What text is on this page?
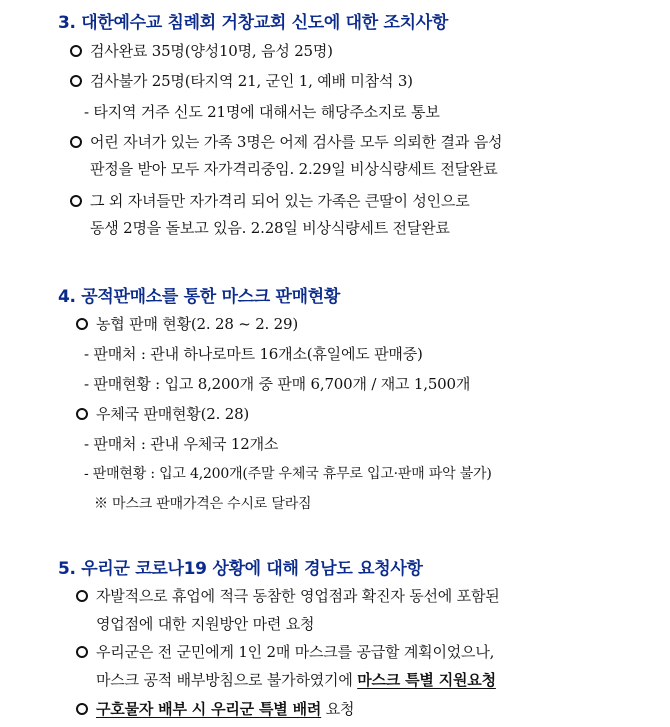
3. 대한예수교 침례회 거창교회 신도에 대한 조치사항
검사완료 35명(양성10명, 음성 25명)
검사불가 25명(타지역 21, 군인 1, 예배 미참석 3)
- 타지역 거주 신도 21명에 대해서는 해당주소지로 통보
어린 자녀가 있는 가족 3명은 어제 검사를 모두 의뢰한 결과 음성
판정을 받아 모두 자가격리중임. 2.29일 비상식량세트 전달완료
그 외 자녀들만 자가격리 되어 있는 가족은 큰딸이 성인으로
동생 2명을 돌보고 있음. 2.28일 비상식량세트 전달완료
4. 공적판매소를 통한 마스크 판매현황
농협 판매 현황(2. 28 ~ 2. 29)
- 판매처 : 관내 하나로마트 16개소(휴일에도 판매중)
- 판매현황 : 입고 8,200개 중 판매 6,700개 / 재고 1,500개
우체국 판매현황(2. 28)
- 판매처 : 관내 우체국 12개소
- 판매현황 : 입고 4,200개(주말 우체국 휴무로 입고·판매 파악 불가)
※ 마스크 판매가격은 수시로 달라짐
5. 우리군 코로나19 상황에 대해 경남도 요청사항
자발적으로 휴업에 적극 동참한 영업점과 확진자 동선에 포함된
영업점에 대한 지원방안 마련 요청
우리군은 전 군민에게 1인 2매 마스크를 공급할 계획이었으나,
마스크 공적 배부방침으로 불가하였기에 마스크 특별 지원요청
구호물자 배부 시 우리군 특별 배려 요청
